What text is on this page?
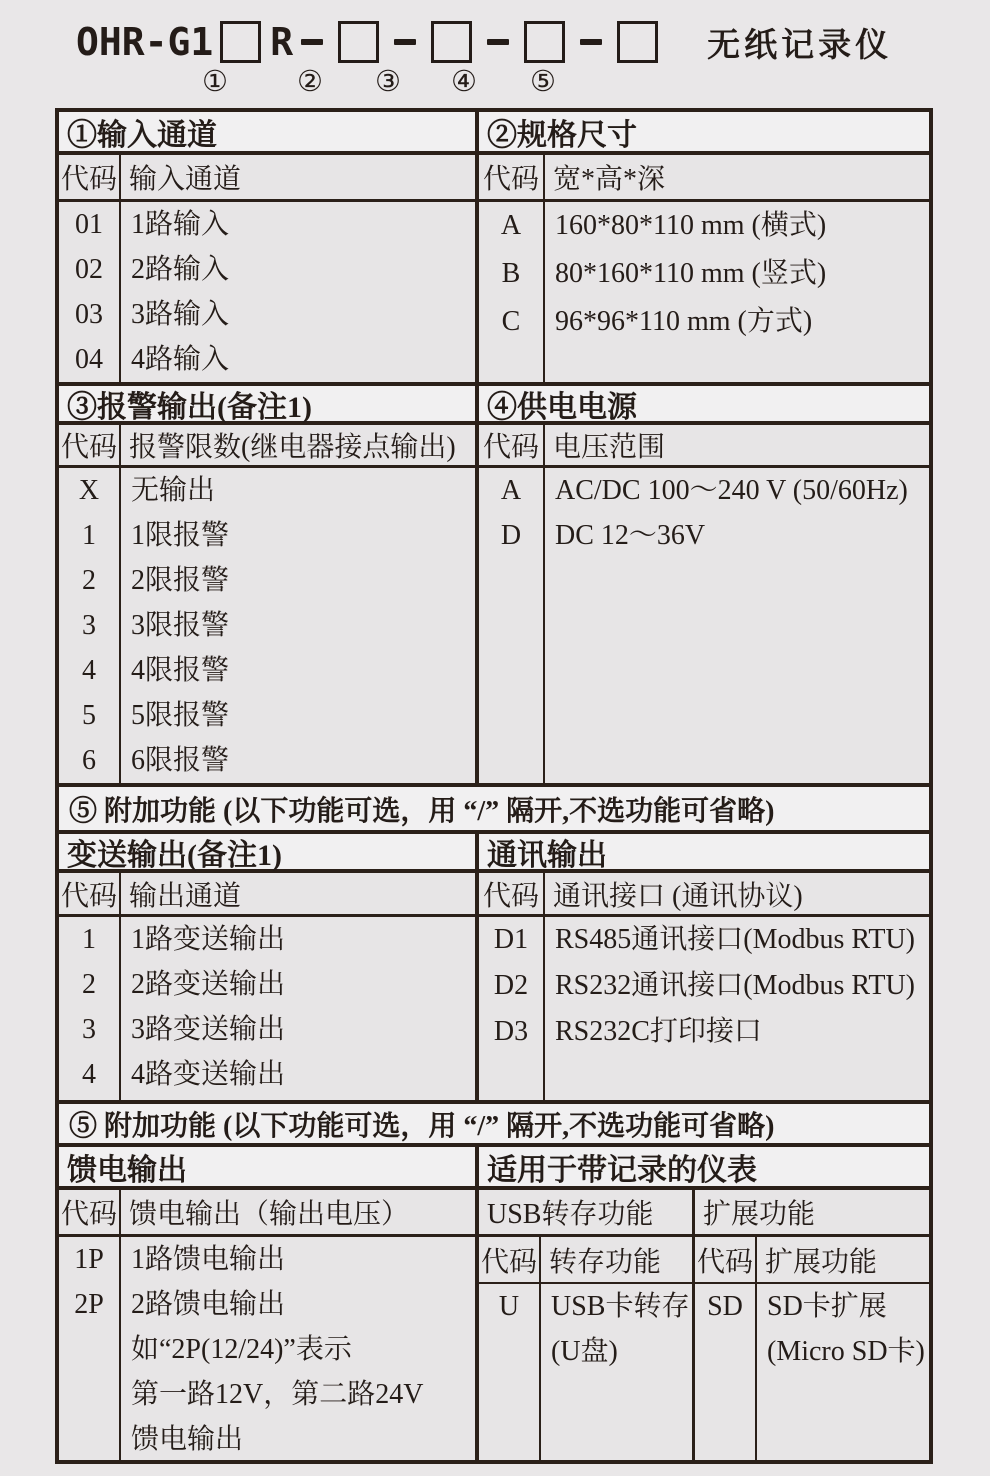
OHR-G1 R	无纸记录仪
① ② ③ ④ ⑤
①输入通道
代码 输入通道
01
02
03
04
1路输入
2路输入
3路输入
4路输入
②规格尺寸
代码 宽*高*深
A
B
C
160*80*110 mm (横式)
80*160*110 mm (竖式)
96*96*110 mm (方式)
③报警输出(备注1)
代码 报警限数(继电器接点输出)
X
1
2
3
4
5
6
无输出
1限报警
2限报警
3限报警
4限报警
5限报警
6限报警
④供电电源
代码 电压范围
A
D
AC/DC 100～240 V (50/60Hz)
DC 12～36V
⑤ 附加功能 (以下功能可选，用 “/” 隔开,不选功能可省略)
变送输出(备注1)
代码 输出通道
1
2
3
4
1路变送输出
2路变送输出
3路变送输出
4路变送输出
通讯输出
代码 通讯接口 (通讯协议)
D1
D2
D3
RS485通讯接口(Modbus RTU)
RS232通讯接口(Modbus RTU)
RS232C打印接口
⑤ 附加功能 (以下功能可选，用 “/” 隔开,不选功能可省略)
馈电输出
代码 馈电输出（输出电压）
1P
2P
1路馈电输出
2路馈电输出
如“2P(12/24)”表示
第一路12V，第二路24V
馈电输出
适用于带记录的仪表
USB转存功能
代码 转存功能
U	USB卡转存
(U盘)
扩展功能
代码 扩展功能
SD SD卡扩展
(Micro SD卡)
